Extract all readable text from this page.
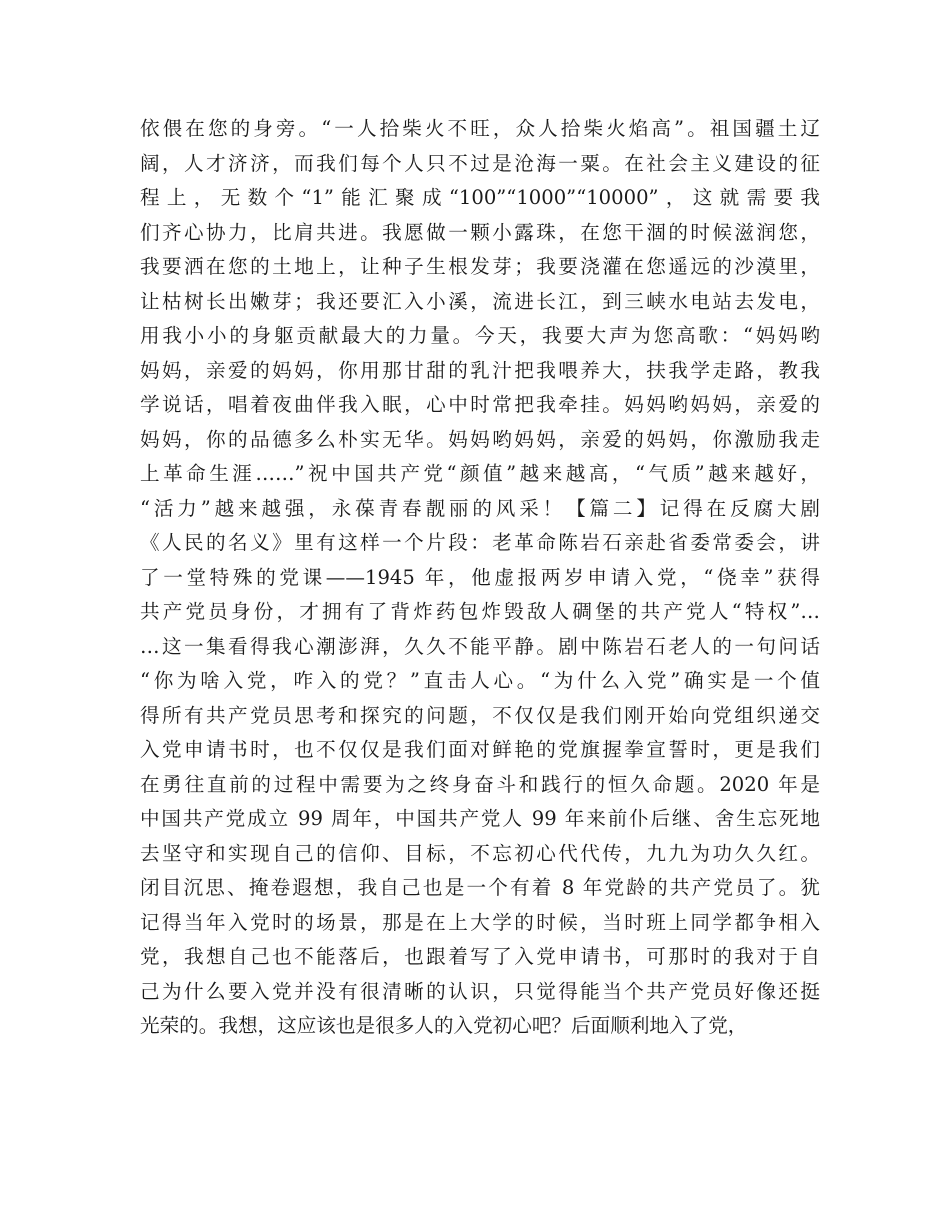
依偎在您的身旁。“一人拾柴火不旺，众人拾柴火焰高”。祖国疆土辽
阔，人才济济，而我们每个人只不过是沧海一粟。在社会主义建设的征
程上，无数个“1”能汇聚成“100”“1000”“10000”，这就需要我
们齐心协力，比肩共进。我愿做一颗小露珠，在您干涸的时候滋润您，
我要洒在您的土地上，让种子生根发芽；我要浇灌在您遥远的沙漠里，
让枯树长出嫩芽；我还要汇入小溪，流进长江，到三峡水电站去发电，
用我小小的身躯贡献最大的力量。今天，我要大声为您高歌：“妈妈哟
妈妈，亲爱的妈妈，你用那甘甜的乳汁把我喂养大，扶我学走路，教我
学说话，唱着夜曲伴我入眠，心中时常把我牵挂。妈妈哟妈妈，亲爱的
妈妈，你的品德多么朴实无华。妈妈哟妈妈，亲爱的妈妈，你激励我走
上革命生涯……”祝中国共产党“颜值”越来越高，“气质”越来越好，
“活力”越来越强，永葆青春靓丽的风采！【篇二】记得在反腐大剧
《人民的名义》里有这样一个片段：老革命陈岩石亲赴省委常委会，讲
了一堂特殊的党课——1945 年，他虚报两岁申请入党，“侥幸”获得
共产党员身份，才拥有了背炸药包炸毁敌人碉堡的共产党人“特权”…
…这一集看得我心潮澎湃，久久不能平静。剧中陈岩石老人的一句问话
“你为啥入党，咋入的党？”直击人心。“为什么入党”确实是一个值
得所有共产党员思考和探究的问题，不仅仅是我们刚开始向党组织递交
入党申请书时，也不仅仅是我们面对鲜艳的党旗握拳宣誓时，更是我们
在勇往直前的过程中需要为之终身奋斗和践行的恒久命题。2020 年是
中国共产党成立 99 周年，中国共产党人 99 年来前仆后继、舍生忘死地
去坚守和实现自己的信仰、目标，不忘初心代代传，九九为功久久红。
闭目沉思、掩卷遐想，我自己也是一个有着 8 年党龄的共产党员了。犹
记得当年入党时的场景，那是在上大学的时候，当时班上同学都争相入
党，我想自己也不能落后，也跟着写了入党申请书，可那时的我对于自
己为什么要入党并没有很清晰的认识，只觉得能当个共产党员好像还挺
光荣的。我想，这应该也是很多人的入党初心吧？后面顺利地入了党，
